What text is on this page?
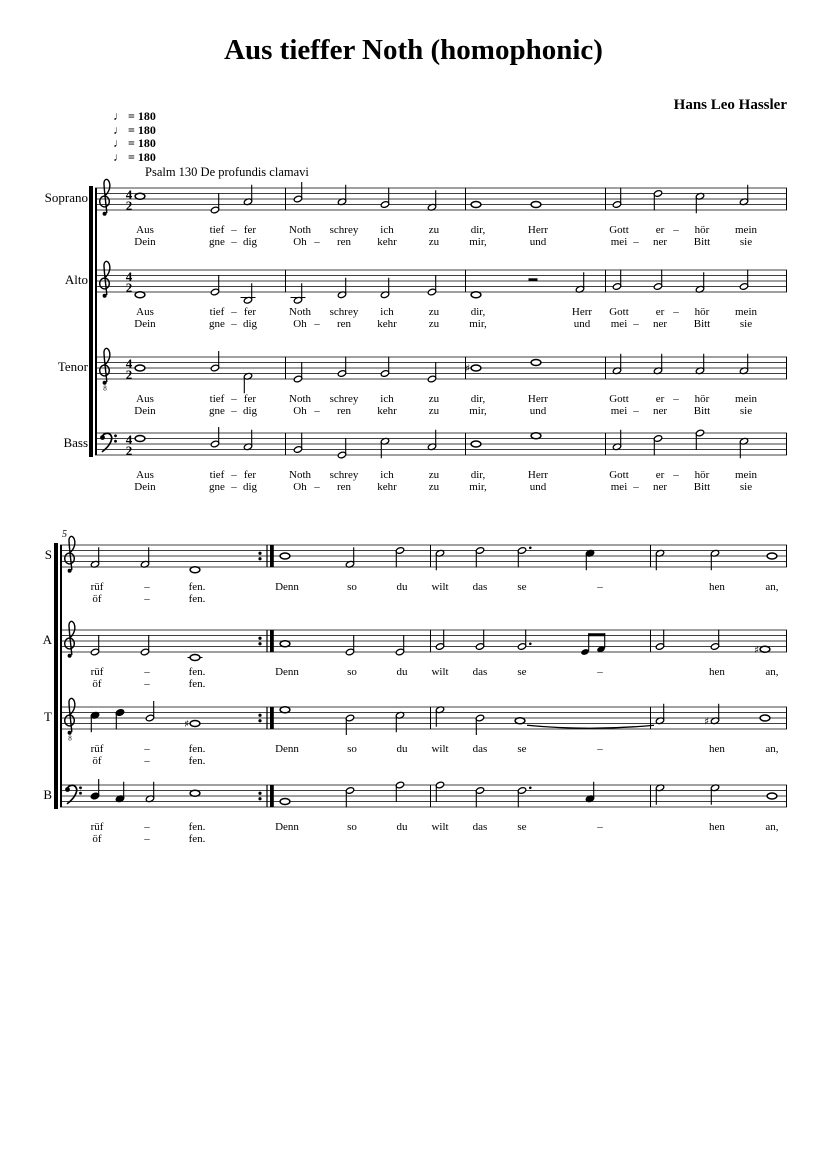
Aus tieffer Noth (homophonic)
Hans Leo Hassler
♩ = 180
♩ = 180
♩ = 180
♩ = 180
Psalm 130 De profundis clamavi
5
Soprano	4
2
Aus	tief – fer	Noth	schrey	ich	zu	dir,	Herr	Gott	er –	hör	mein
Dein	gne – dig	Oh –	ren	kehr	zu	mir,	und	mei –	ner	Bitt	sie
Alto	4
2
Aus	tief – fer	Noth	schrey	ich	zu	dir,	Herr	Gott	er –	hör	mein
Dein	gne – dig	Oh –	ren	kehr	zu	mir,	und	mei –	ner	Bitt	sie
Tenor
8
4
2	♯
Aus	tief – fer	Noth	schrey	ich	zu	dir,	Herr	Gott	er –	hör	mein
Dein	gne – dig	Oh –	ren	kehr	zu	mir,	und	mei –	ner	Bitt	sie
Bass	4
2
Aus	tief – fer	Noth	schrey	ich	zu	dir,	Herr	Gott	er –	hör	mein
Dein	gne – dig	Oh –	ren	kehr	zu	mir,	und	mei –	ner	Bitt	sie
S
rüf	–	fen.	Denn	so	du	wilt	das	se	–	hen	an,
öf	–	fen.
A
♯
rüf	–	fen.	Denn	so	du	wilt	das	se	–	hen	an,
öf	–	fen.
T
8
♯	♯
rüf	–	fen.	Denn	so	du	wilt	das	se	–	hen	an,
öf	–	fen.
B
rüf	–	fen.	Denn	so	du	wilt	das	se	–	hen	an,
öf	–	fen.
